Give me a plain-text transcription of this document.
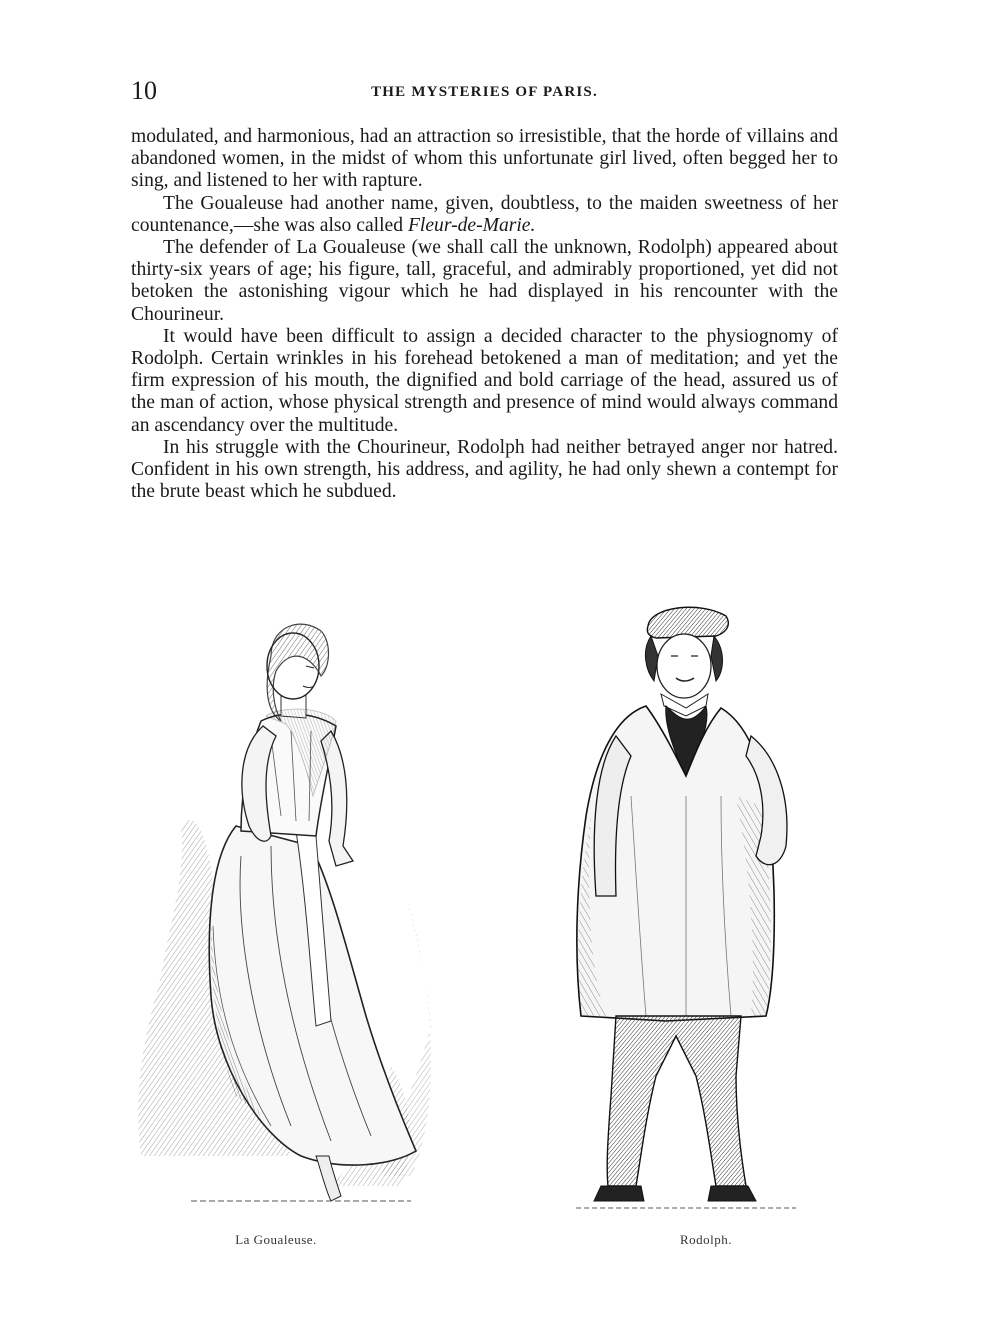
10	THE MYSTERIES OF PARIS.

modulated, and harmonious, had an attraction so irresistible, that the horde of villains and abandoned women, in the midst of whom this unfortunate girl lived, often begged her to sing, and listened to her with rapture.

The Goualeuse had another name, given, doubtless, to the maiden sweetness of her countenance,—she was also called Fleur-de-Marie.

The defender of La Goualeuse (we shall call the unknown, Rodolph) appeared about thirty-six years of age; his figure, tall, graceful, and admirably proportioned, yet did not betoken the astonishing vigour which he had displayed in his rencounter with the Chourineur.

It would have been difficult to assign a decided character to the physiognomy of Rodolph. Certain wrinkles in his forehead betokened a man of meditation; and yet the firm expression of his mouth, the dignified and bold carriage of the head, assured us of the man of action, whose physical strength and presence of mind would always command an ascendancy over the multitude.

In his struggle with the Chourineur, Rodolph had neither betrayed anger nor hatred. Confident in his own strength, his address, and agility, he had only shewn a contempt for the brute beast which he subdued.

La Goualeuse.	Rodolph.
